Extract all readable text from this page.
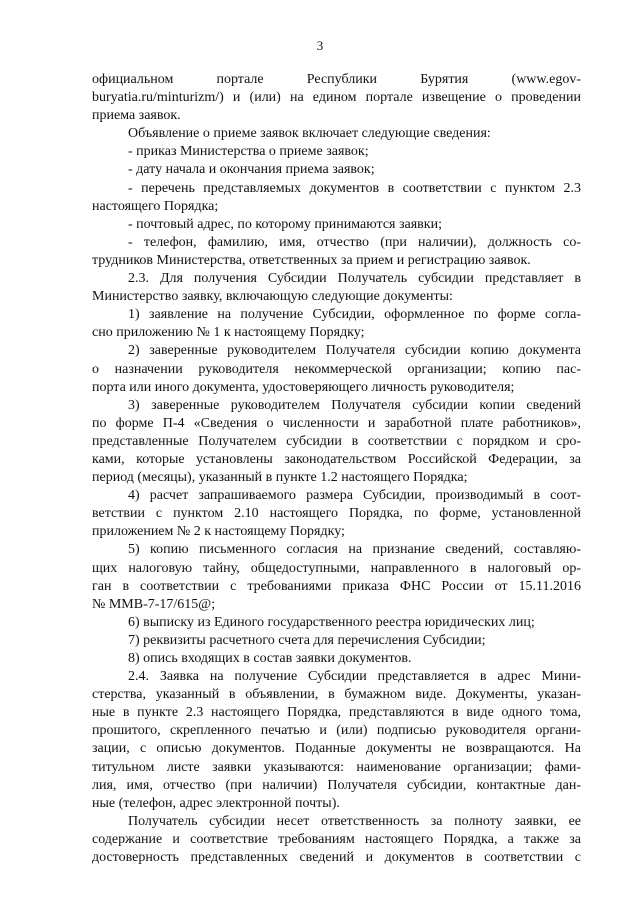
3

официальном портале Республики Бурятия (www.egov-

buryatia.ru/minturizm/) и (или) на едином портале извещение о проведении

приема заявок.

Объявление о приеме заявок включает следующие сведения:

- приказ Министерства о приеме заявок;

- дату начала и окончания приема заявок;

- перечень представляемых документов в соответствии с пунктом 2.3

настоящего Порядка;

- почтовый адрес, по которому принимаются заявки;

- телефон, фамилию, имя, отчество (при наличии), должность со-

трудников Министерства, ответственных за прием и регистрацию заявок.

2.3. Для получения Субсидии Получатель субсидии представляет в

Министерство заявку, включающую следующие документы:

1) заявление на получение Субсидии, оформленное по форме согла-

сно приложению № 1 к настоящему Порядку;

2) заверенные руководителем Получателя субсидии копию документа

о назначении руководителя некоммерческой организации; копию пас-

порта или иного документа, удостоверяющего личность руководителя;

3) заверенные руководителем Получателя субсидии копии сведений

по форме П-4 «Сведения о численности и заработной плате работников»,

представленные Получателем субсидии в соответствии с порядком и сро-

ками, которые установлены законодательством Российской Федерации, за

период (месяцы), указанный в пункте 1.2 настоящего Порядка;

4) расчет запрашиваемого размера Субсидии, производимый в соот-

ветствии с пунктом 2.10 настоящего Порядка, по форме, установленной

приложением № 2 к настоящему Порядку;

5) копию письменного согласия на признание сведений, составляю-

щих налоговую тайну, общедоступными, направленного в налоговый ор-

ган в соответствии с требованиями приказа ФНС России от 15.11.2016

№ ММВ-7-17/615@;

6) выписку из Единого государственного реестра юридических лиц;

7) реквизиты расчетного счета для перечисления Субсидии;

8) опись входящих в состав заявки документов.

2.4. Заявка на получение Субсидии представляется в адрес Мини-

стерства, указанный в объявлении, в бумажном виде. Документы, указан-

ные в пункте 2.3 настоящего Порядка, представляются в виде одного тома,

прошитого, скрепленного печатью и (или) подписью руководителя органи-

зации, с описью документов. Поданные документы не возвращаются. На

титульном листе заявки указываются: наименование организации; фами-

лия, имя, отчество (при наличии) Получателя субсидии, контактные дан-

ные (телефон, адрес электронной почты).

Получатель субсидии несет ответственность за полноту заявки, ее

содержание и соответствие требованиям настоящего Порядка, а также за

достоверность представленных сведений и документов в соответствии с
